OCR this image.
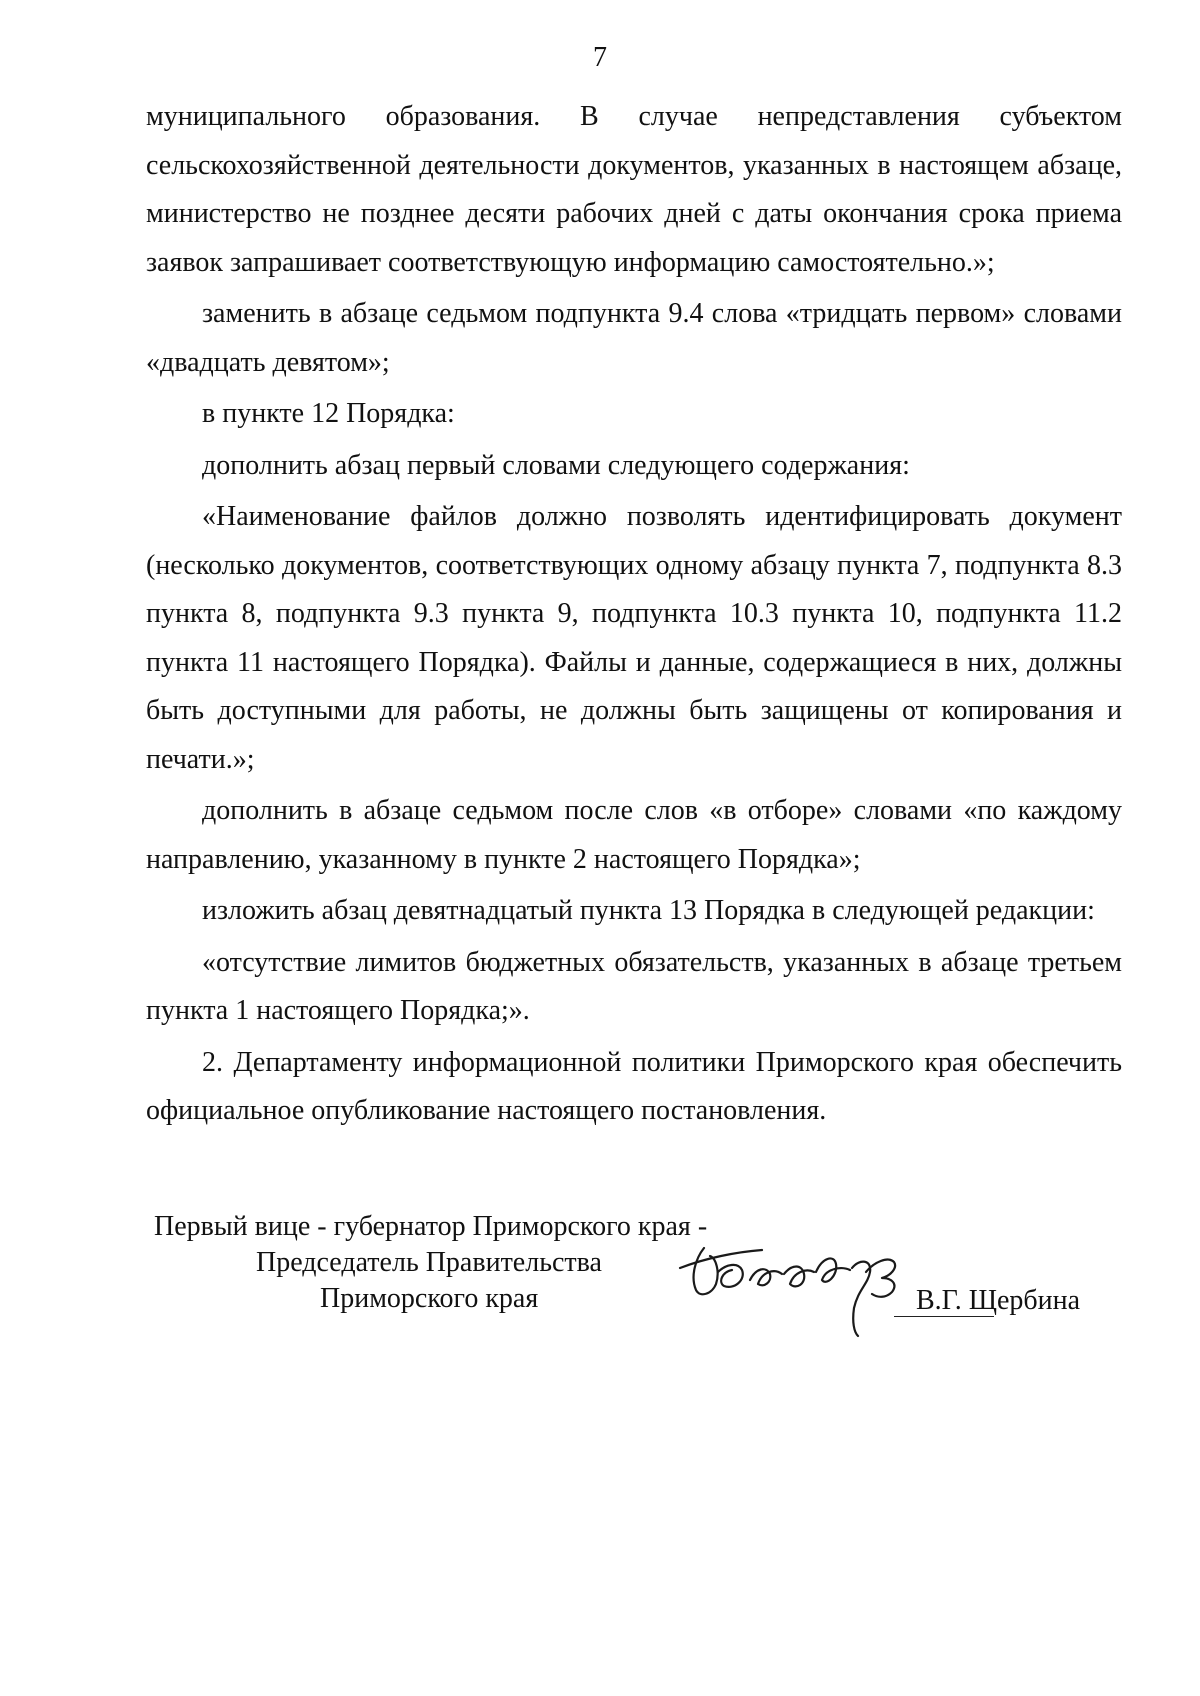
7

муниципального образования. В случае непредставления субъектом сельскохозяйственной деятельности документов, указанных в настоящем абзаце, министерство не позднее десяти рабочих дней с даты окончания срока приема заявок запрашивает соответствующую информацию самостоятельно.»;

заменить в абзаце седьмом подпункта 9.4 слова «тридцать первом» словами «двадцать девятом»;

в пункте 12 Порядка:

дополнить абзац первый словами следующего содержания:

«Наименование файлов должно позволять идентифицировать документ (несколько документов, соответствующих одному абзацу пункта 7, подпункта 8.3 пункта 8, подпункта 9.3 пункта 9, подпункта 10.3 пункта 10, подпункта 11.2 пункта 11 настоящего Порядка). Файлы и данные, содержащиеся в них, должны быть доступными для работы, не должны быть защищены от копирования и печати.»;

дополнить в абзаце седьмом после слов «в отборе» словами «по каждому направлению, указанному в пункте 2 настоящего Порядка»;

изложить абзац девятнадцатый пункта 13 Порядка в следующей редакции:

«отсутствие лимитов бюджетных обязательств, указанных в абзаце третьем пункта 1 настоящего Порядка;».

2. Департаменту информационной политики Приморского края обеспечить официальное опубликование настоящего постановления.

Первый вице - губернатор Приморского края -
Председатель Правительства
Приморского края	В.Г. Щербина
